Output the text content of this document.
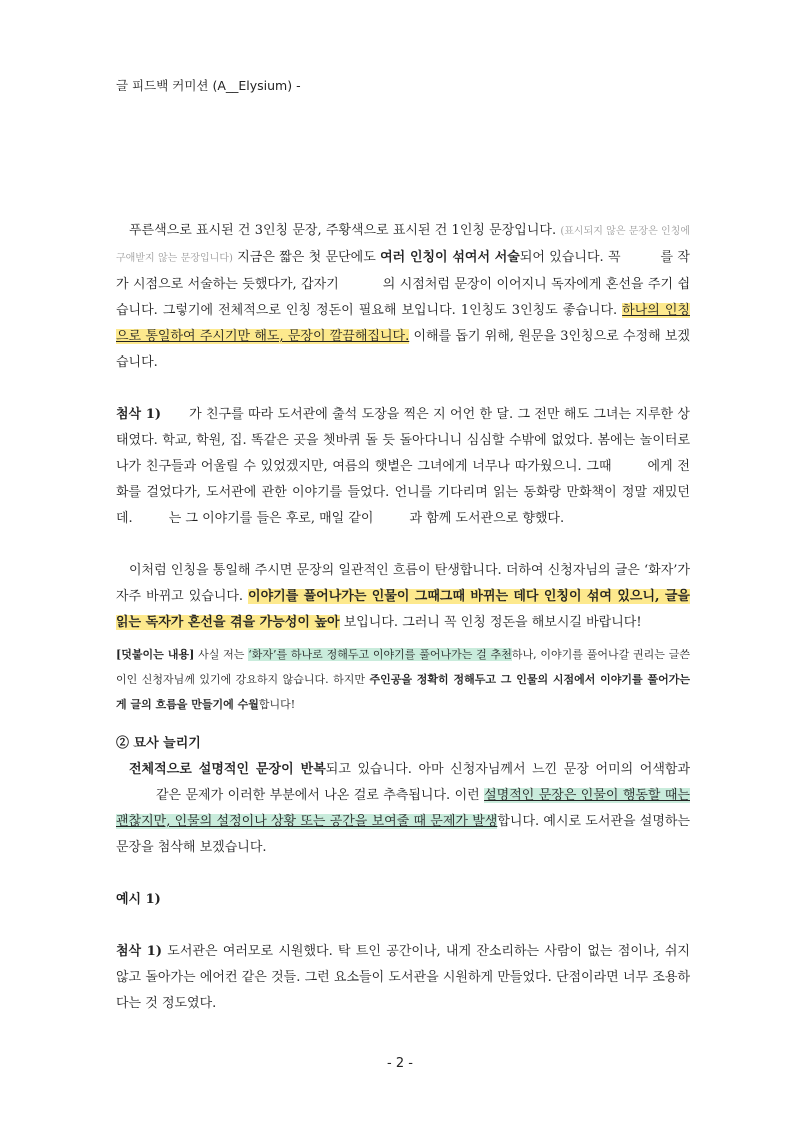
글 피드백 커미션 (A__Elysium) -

푸른색으로 표시된 건 3인칭 문장, 주황색으로 표시된 건 1인칭 문장입니다. (표시되지 않은 문장은 인칭에 구애받지 않는 문장입니다) 지금은 짧은 첫 문단에도 여러 인칭이 섞여서 서술되어 있습니다. 꼭	를 작가 시점으로 서술하는 듯했다가, 갑자기	의 시점처럼 문장이 이어지니 독자에게 혼선을 주기 쉽습니다. 그렇기에 전체적으로 인칭 정돈이 필요해 보입니다. 1인칭도 3인칭도 좋습니다. 하나의 인칭으로 통일하여 주시기만 해도, 문장이 깔끔해집니다. 이해를 돕기 위해, 원문을 3인칭으로 수정해 보겠습니다.

첨삭 1) 가 친구를 따라 도서관에 출석 도장을 찍은 지 어언 한 달. 그 전만 해도 그녀는 지루한 상태였다. 학교, 학원, 집. 똑같은 곳을 쳇바퀴 돌 듯 돌아다니니 심심할 수밖에 없었다. 봄에는 놀이터로 나가 친구들과 어울릴 수 있었겠지만, 여름의 햇볕은 그녀에게 너무나 따가웠으니. 그때	에게 전화를 걸었다가, 도서관에 관한 이야기를 들었다. 언니를 기다리며 읽는 동화랑 만화책이 정말 재밌던데.	는 그 이야기를 들은 후로, 매일 같이	과 함께 도서관으로 향했다.

이처럼 인칭을 통일해 주시면 문장의 일관적인 흐름이 탄생합니다. 더하여 신청자님의 글은 ‘화자’가 자주 바뀌고 있습니다. 이야기를 풀어나가는 인물이 그때그때 바뀌는 데다 인칭이 섞여 있으니, 글을 읽는 독자가 혼선을 겪을 가능성이 높아 보입니다. 그러니 꼭 인칭 정돈을 해보시길 바랍니다!

[덧붙이는 내용] 사실 저는 ‘화자’를 하나로 정해두고 이야기를 풀어나가는 걸 추천하나, 이야기를 풀어나갈 권리는 글쓴이인 신청자님께 있기에 강요하지 않습니다. 하지만 주인공을 정확히 정해두고 그 인물의 시점에서 이야기를 풀어가는 게 글의 흐름을 만들기에 수월합니다!

② 묘사 늘리기

전체적으로 설명적인 문장이 반복되고 있습니다. 아마 신청자님께서 느낀 문장 어미의 어색함과같은 문제가 이러한 부분에서 나온 걸로 추측됩니다. 이런 설명적인 문장은 인물이 행동할 때는 괜찮지만, 인물의 설정이나 상황 또는 공간을 보여줄 때 문제가 발생합니다. 예시로 도서관을 설명하는 문장을 첨삭해 보겠습니다.

예시 1)

첨삭 1) 도서관은 여러모로 시원했다. 탁 트인 공간이나, 내게 잔소리하는 사람이 없는 점이나, 쉬지 않고 돌아가는 에어컨 같은 것들. 그런 요소들이 도서관을 시원하게 만들었다. 단점이라면 너무 조용하다는 것 정도였다.

- 2 -
